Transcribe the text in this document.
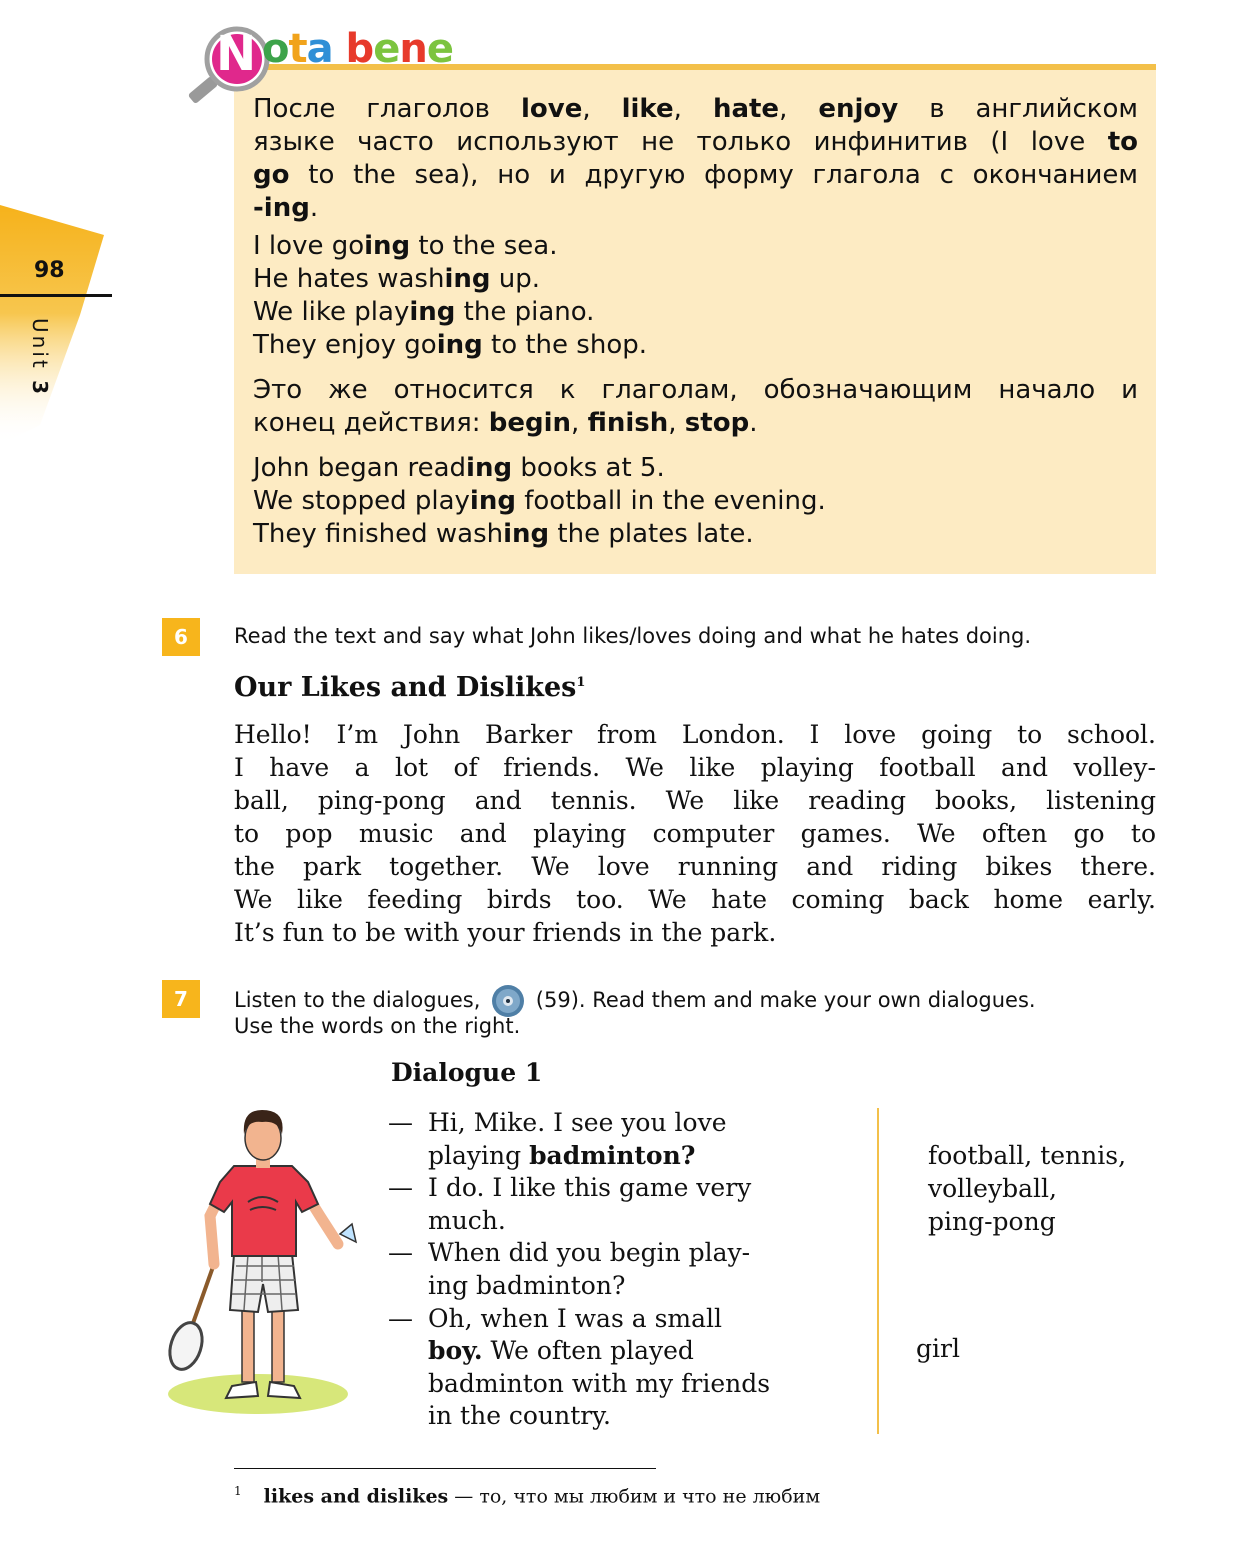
98
Unit 3
N ota bene
После глаголов love, like, hate, enjoy в английском
языке часто используют не только инфинитив (I love to
go to the sea), но и другую форму глагола с окончанием
-ing.
I love going to the sea.
He hates washing up.
We like playing the piano.
They enjoy going to the shop.
Это же относится к глаголам, обозначающим начало и
конец действия: begin, finish, stop.
John began reading books at 5.
We stopped playing football in the evening.
They finished washing the plates late.
6	Read the text and say what John likes/loves doing and what he hates doing.
Our Likes and Dislikes$^1$
Hello! I’m John Barker from London. I love going to school.
I have a lot of friends. We like playing football and volley-
ball, ping-pong and tennis. We like reading books, listening
to pop music and playing computer games. We often go to
the park together. We love running and riding bikes there.
We like feeding birds too. We hate coming back home early.
It’s fun to be with your friends in the park.
7	Listen to the dialogues,	(59). Read them and make your own dialogues.
Use the words on the right.
Dialogue 1
—Hi, Mike. I see you love
playing badminton?
—I do. I like this game very
much.
—When did you begin play-
ing badminton?
—Oh, when I was a small
boy. We often played
badminton with my friends
in the country.
football, tennis,
volleyball,
ping-pong
girl
$^1$ likes and dislikes — то, что мы любим и что не любим
